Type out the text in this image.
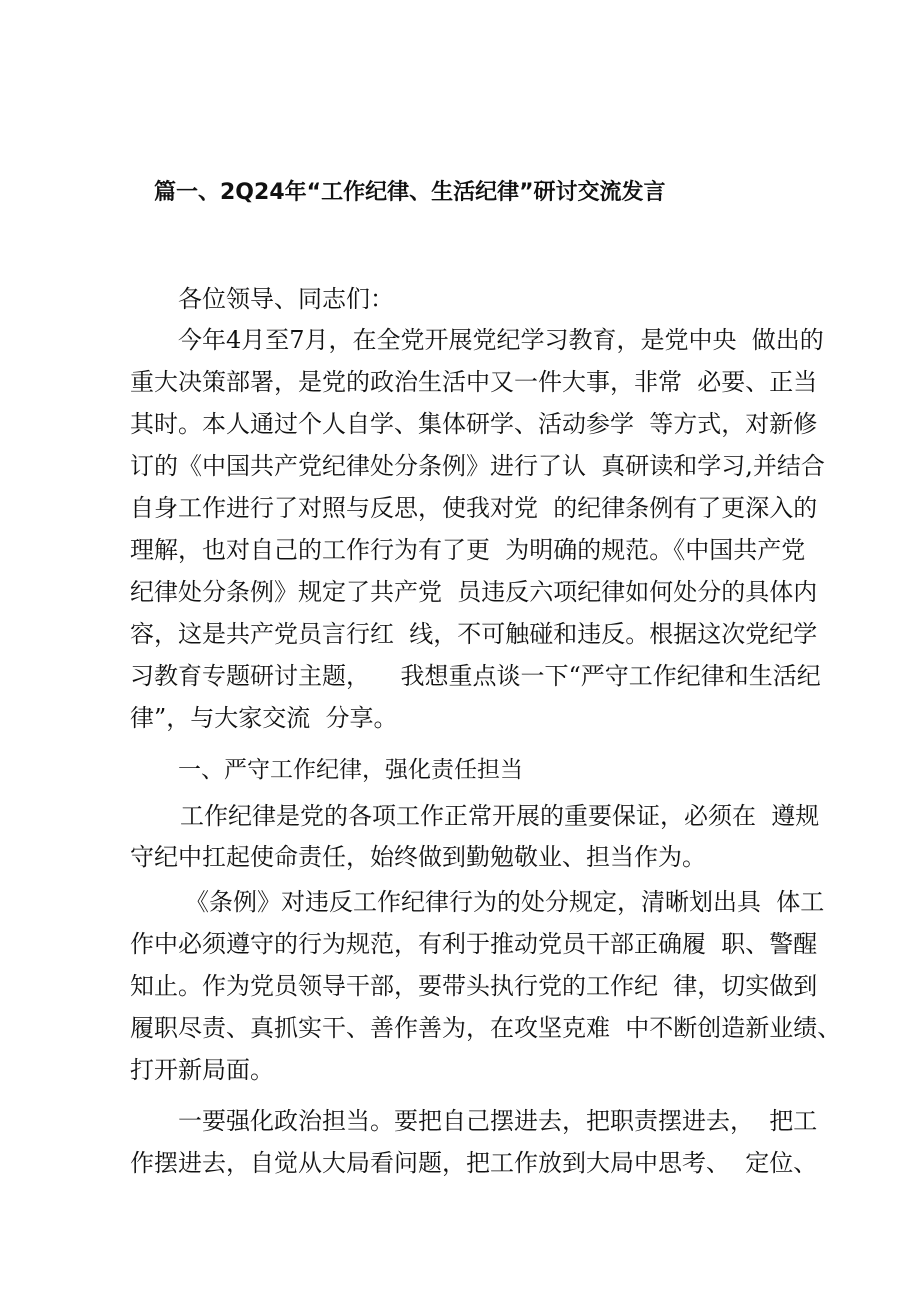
篇一、2Q24年“工作纪律、生活纪律”研讨交流发言
各位领导、同志们：
今年4月至7月，在全党开展党纪学习教育，是党中央  做出的
重大决策部署，是党的政治生活中又一件大事，非常  必要、正当
其时。本人通过个人自学、集体研学、活动参学  等方式，对新修
订的《中国共产党纪律处分条例》进行了认  真研读和学习,并结合
自身工作进行了对照与反思，使我对党  的纪律条例有了更深入的
理解，也对自己的工作行为有了更  为明确的规范。《中国共产党
纪律处分条例》规定了共产党  员违反六项纪律如何处分的具体内
容，这是共产党员言行红  线，不可触碰和违反。根据这次党纪学
习教育专题研讨主题，    我想重点谈一下“严守工作纪律和生活纪
律”，与大家交流  分享。
一、严守工作纪律，强化责任担当
工作纪律是党的各项工作正常开展的重要保证，必须在  遵规
守纪中扛起使命责任，始终做到勤勉敬业、担当作为。
《条例》对违反工作纪律行为的处分规定，清晰划出具  体工
作中必须遵守的行为规范，有利于推动党员干部正确履  职、警醒
知止。作为党员领导干部，要带头执行党的工作纪  律，切实做到
履职尽责、真抓实干、善作善为，在攻坚克难  中不断创造新业绩、
打开新局面。
一要强化政治担当。要把自己摆进去，把职责摆进去，  把工
作摆进去，自觉从大局看问题，把工作放到大局中思考、  定位、
